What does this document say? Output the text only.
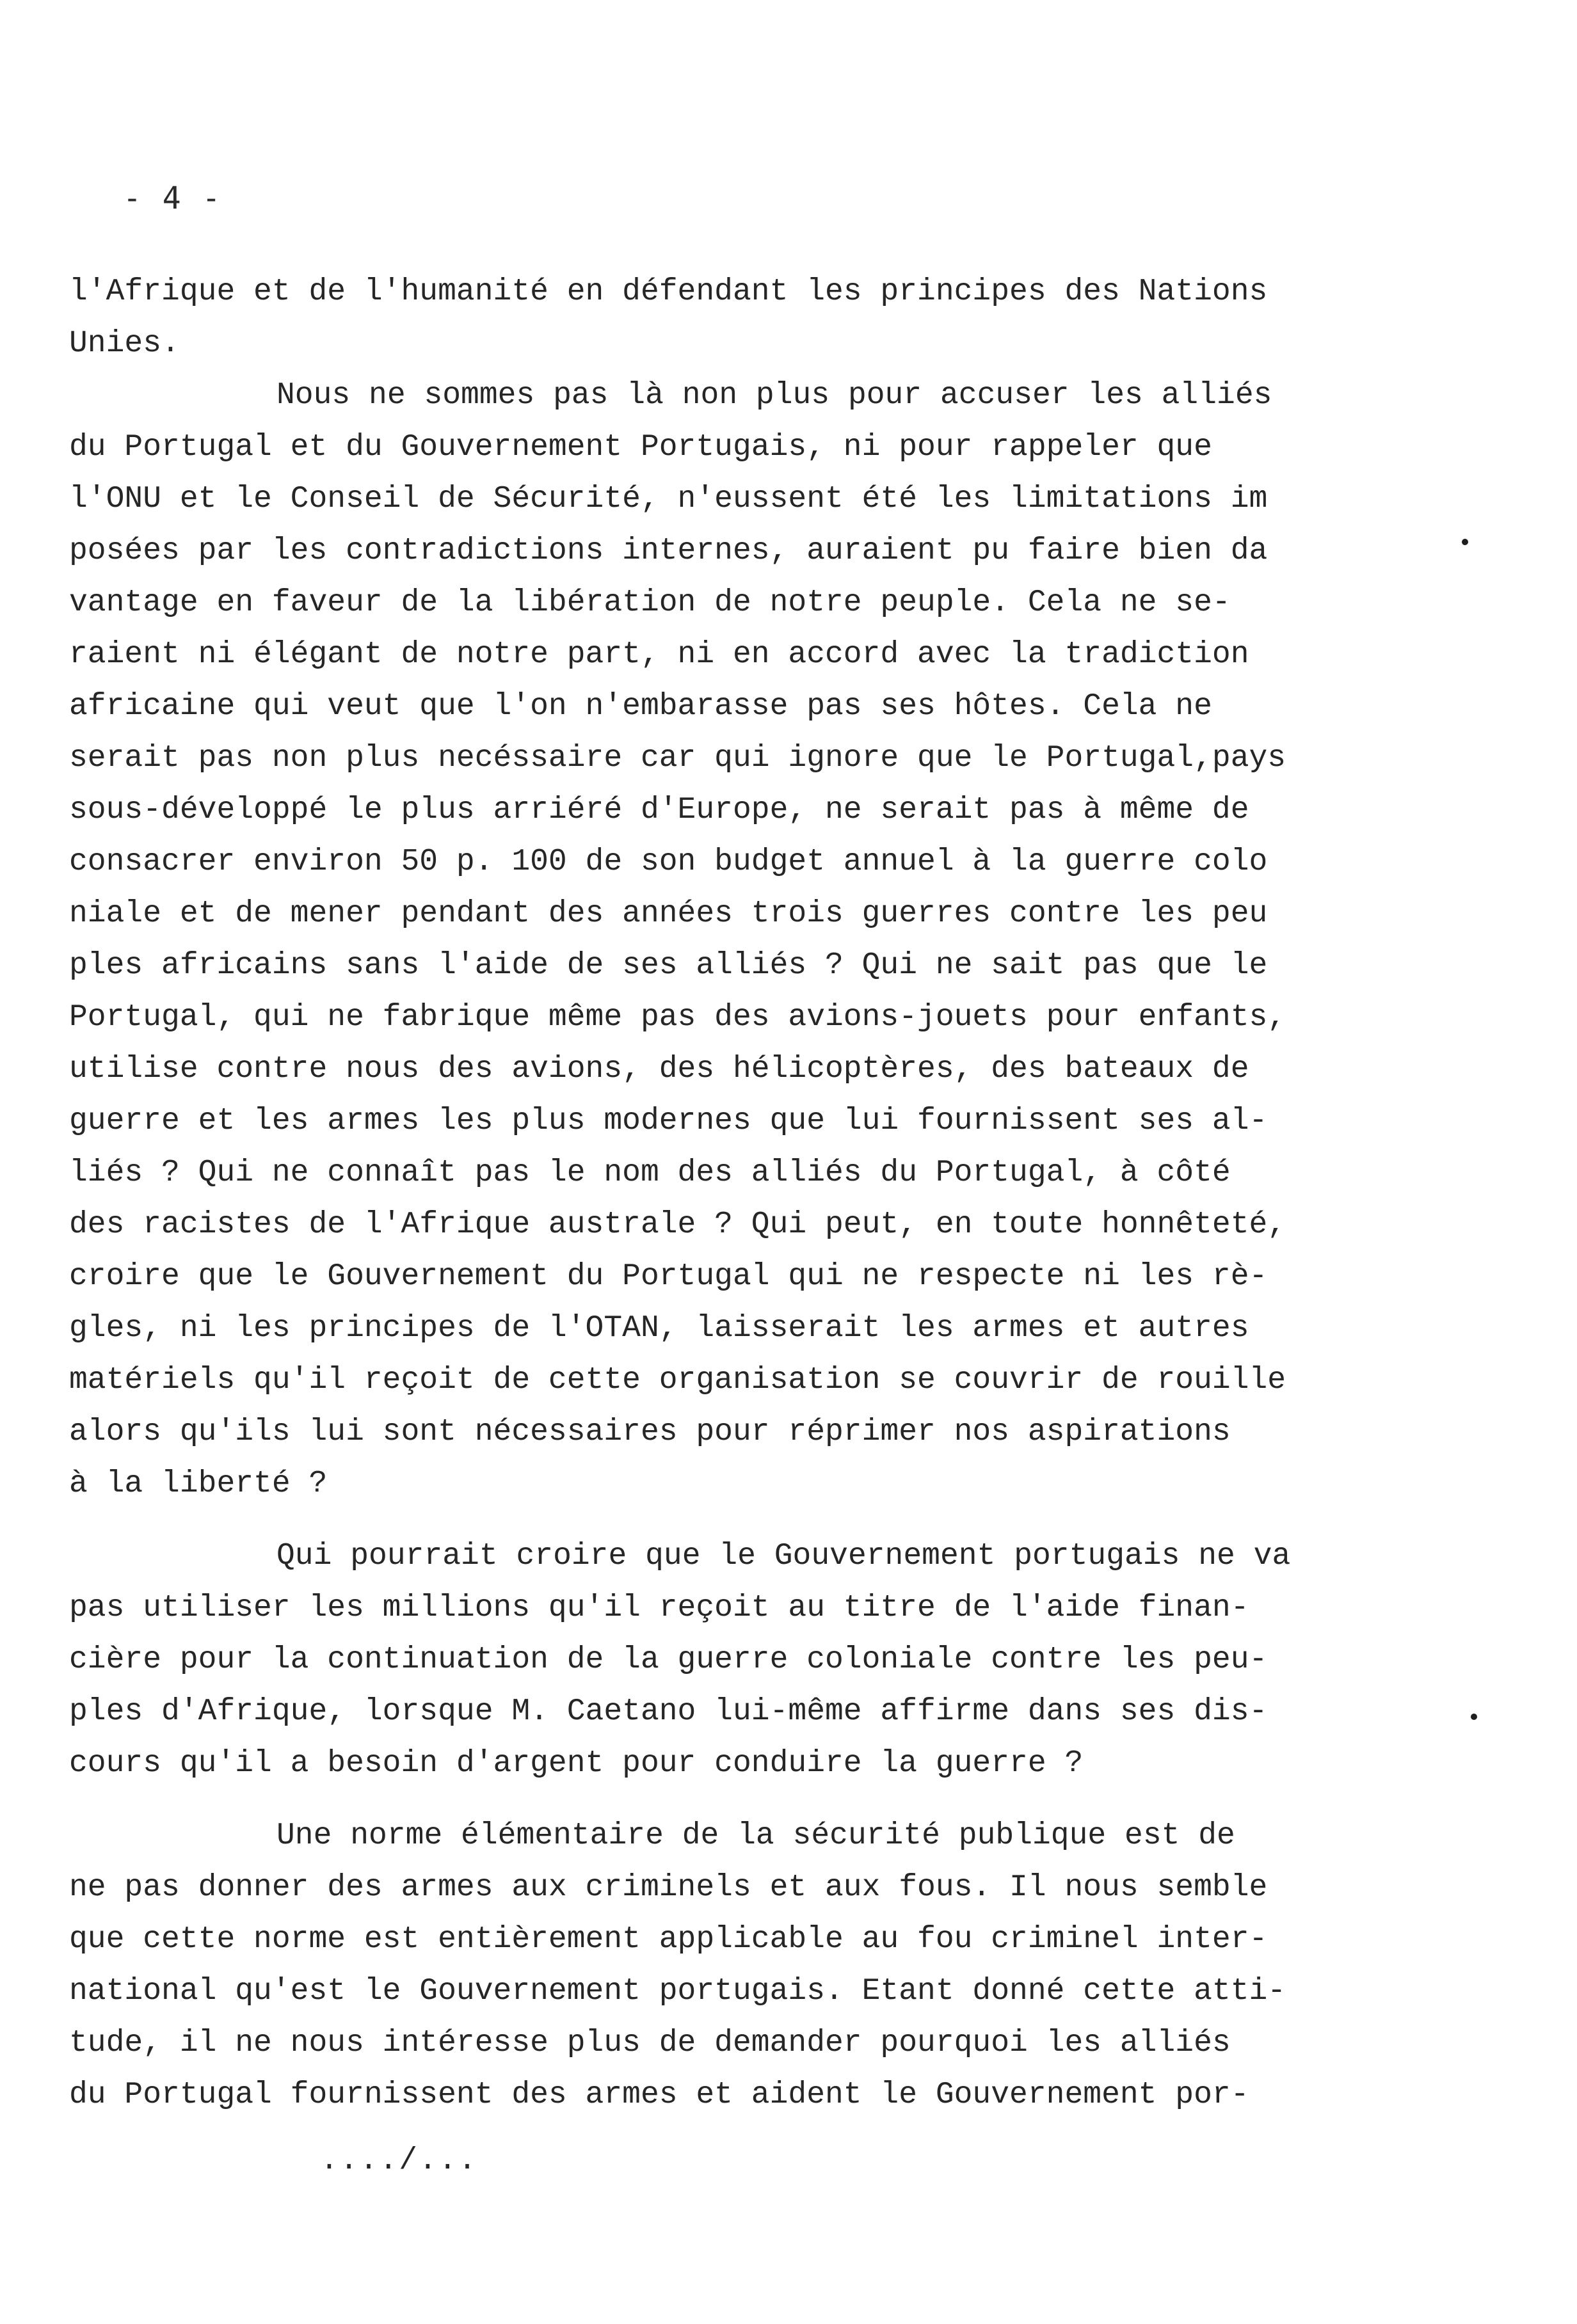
- 4 -
l'Afrique et de l'humanité en défendant les principes des Nations
Unies.
Nous ne sommes pas là non plus pour accuser les alliés
du Portugal et du Gouvernement Portugais, ni pour rappeler que
l'ONU et le Conseil de Sécurité, n'eussent été les limitations im
posées par les contradictions internes, auraient pu faire bien da
vantage en faveur de la libération de notre peuple. Cela ne se-
raient ni élégant de notre part, ni en accord avec la tradiction
africaine qui veut que l'on n'embarasse pas ses hôtes. Cela ne
serait pas non plus necéssaire car qui ignore que le Portugal,pays
sous-développé le plus arriéré d'Europe, ne serait pas à même de
consacrer environ 50 p. 100 de son budget annuel à la guerre colo
niale et de mener pendant des années trois guerres contre les peu
ples africains sans l'aide de ses alliés ? Qui ne sait pas que le
Portugal, qui ne fabrique même pas des avions-jouets pour enfants,
utilise contre nous des avions, des hélicoptères, des bateaux de
guerre et les armes les plus modernes que lui fournissent ses al-
liés ? Qui ne connaît pas le nom des alliés du Portugal, à côté
des racistes de l'Afrique australe ? Qui peut, en toute honnêteté,
croire que le Gouvernement du Portugal qui ne respecte ni les rè-
gles, ni les principes de l'OTAN, laisserait les armes et autres
matériels qu'il reçoit de cette organisation se couvrir de rouille
alors qu'ils lui sont nécessaires pour réprimer nos aspirations
à la liberté ?
Qui pourrait croire que le Gouvernement portugais ne va
pas utiliser les millions qu'il reçoit au titre de l'aide finan-
cière pour la continuation de la guerre coloniale contre les peu-
ples d'Afrique, lorsque M. Caetano lui-même affirme dans ses dis-
cours qu'il a besoin d'argent pour conduire la guerre ?
Une norme élémentaire de la sécurité publique est de
ne pas donner des armes aux criminels et aux fous. Il nous semble
que cette norme est entièrement applicable au fou criminel inter-
national qu'est le Gouvernement portugais. Etant donné cette atti-
tude, il ne nous intéresse plus de demander pourquoi les alliés
du Portugal fournissent des armes et aident le Gouvernement por-
..../...
